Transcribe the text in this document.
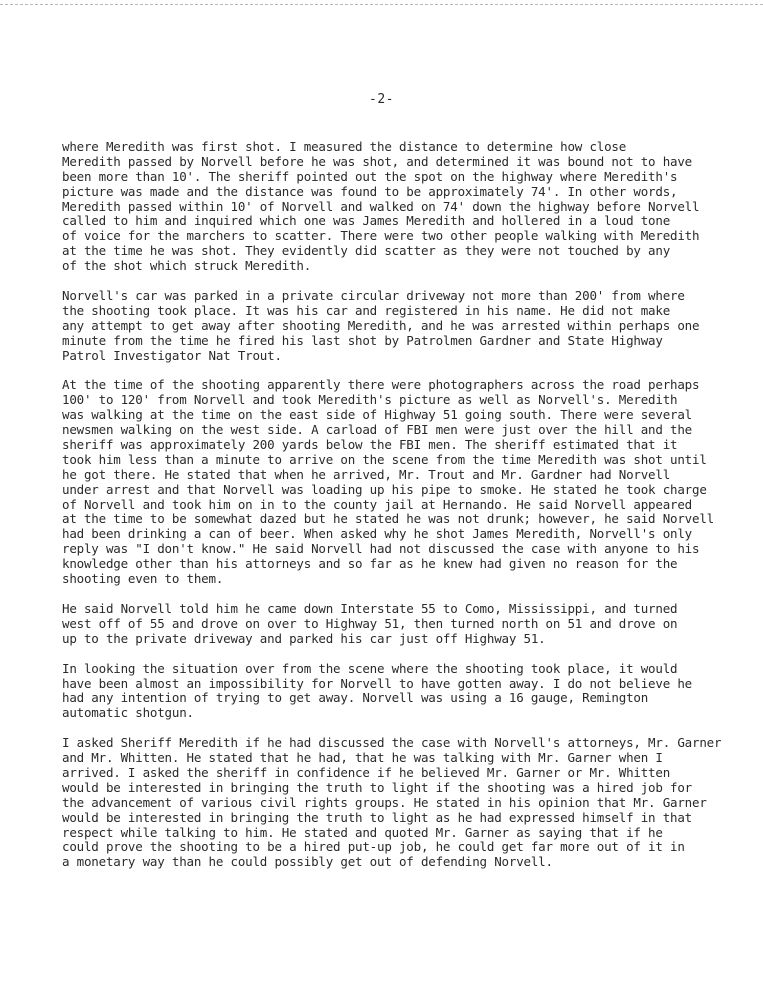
-2-
where Meredith was first shot. I measured the distance to determine how close
Meredith passed by Norvell before he was shot, and determined it was bound not to have
been more than 10'. The sheriff pointed out the spot on the highway where Meredith's
picture was made and the distance was found to be approximately 74'. In other words,
Meredith passed within 10' of Norvell and walked on 74' down the highway before Norvell
called to him and inquired which one was James Meredith and hollered in a loud tone
of voice for the marchers to scatter. There were two other people walking with Meredith
at the time he was shot. They evidently did scatter as they were not touched by any
of the shot which struck Meredith.
Norvell's car was parked in a private circular driveway not more than 200' from where
the shooting took place. It was his car and registered in his name. He did not make
any attempt to get away after shooting Meredith, and he was arrested within perhaps one
minute from the time he fired his last shot by Patrolmen Gardner and State Highway
Patrol Investigator Nat Trout.
At the time of the shooting apparently there were photographers across the road perhaps
100' to 120' from Norvell and took Meredith's picture as well as Norvell's. Meredith
was walking at the time on the east side of Highway 51 going south. There were several
newsmen walking on the west side. A carload of FBI men were just over the hill and the
sheriff was approximately 200 yards below the FBI men. The sheriff estimated that it
took him less than a minute to arrive on the scene from the time Meredith was shot until
he got there. He stated that when he arrived, Mr. Trout and Mr. Gardner had Norvell
under arrest and that Norvell was loading up his pipe to smoke. He stated he took charge
of Norvell and took him on in to the county jail at Hernando. He said Norvell appeared
at the time to be somewhat dazed but he stated he was not drunk; however, he said Norvell
had been drinking a can of beer. When asked why he shot James Meredith, Norvell's only
reply was "I don't know." He said Norvell had not discussed the case with anyone to his
knowledge other than his attorneys and so far as he knew had given no reason for the
shooting even to them.
He said Norvell told him he came down Interstate 55 to Como, Mississippi, and turned
west off of 55 and drove on over to Highway 51, then turned north on 51 and drove on
up to the private driveway and parked his car just off Highway 51.
In looking the situation over from the scene where the shooting took place, it would
have been almost an impossibility for Norvell to have gotten away. I do not believe he
had any intention of trying to get away. Norvell was using a 16 gauge, Remington
automatic shotgun.
I asked Sheriff Meredith if he had discussed the case with Norvell's attorneys, Mr. Garner
and Mr. Whitten. He stated that he had, that he was talking with Mr. Garner when I
arrived. I asked the sheriff in confidence if he believed Mr. Garner or Mr. Whitten
would be interested in bringing the truth to light if the shooting was a hired job for
the advancement of various civil rights groups. He stated in his opinion that Mr. Garner
would be interested in bringing the truth to light as he had expressed himself in that
respect while talking to him. He stated and quoted Mr. Garner as saying that if he
could prove the shooting to be a hired put-up job, he could get far more out of it in
a monetary way than he could possibly get out of defending Norvell.
